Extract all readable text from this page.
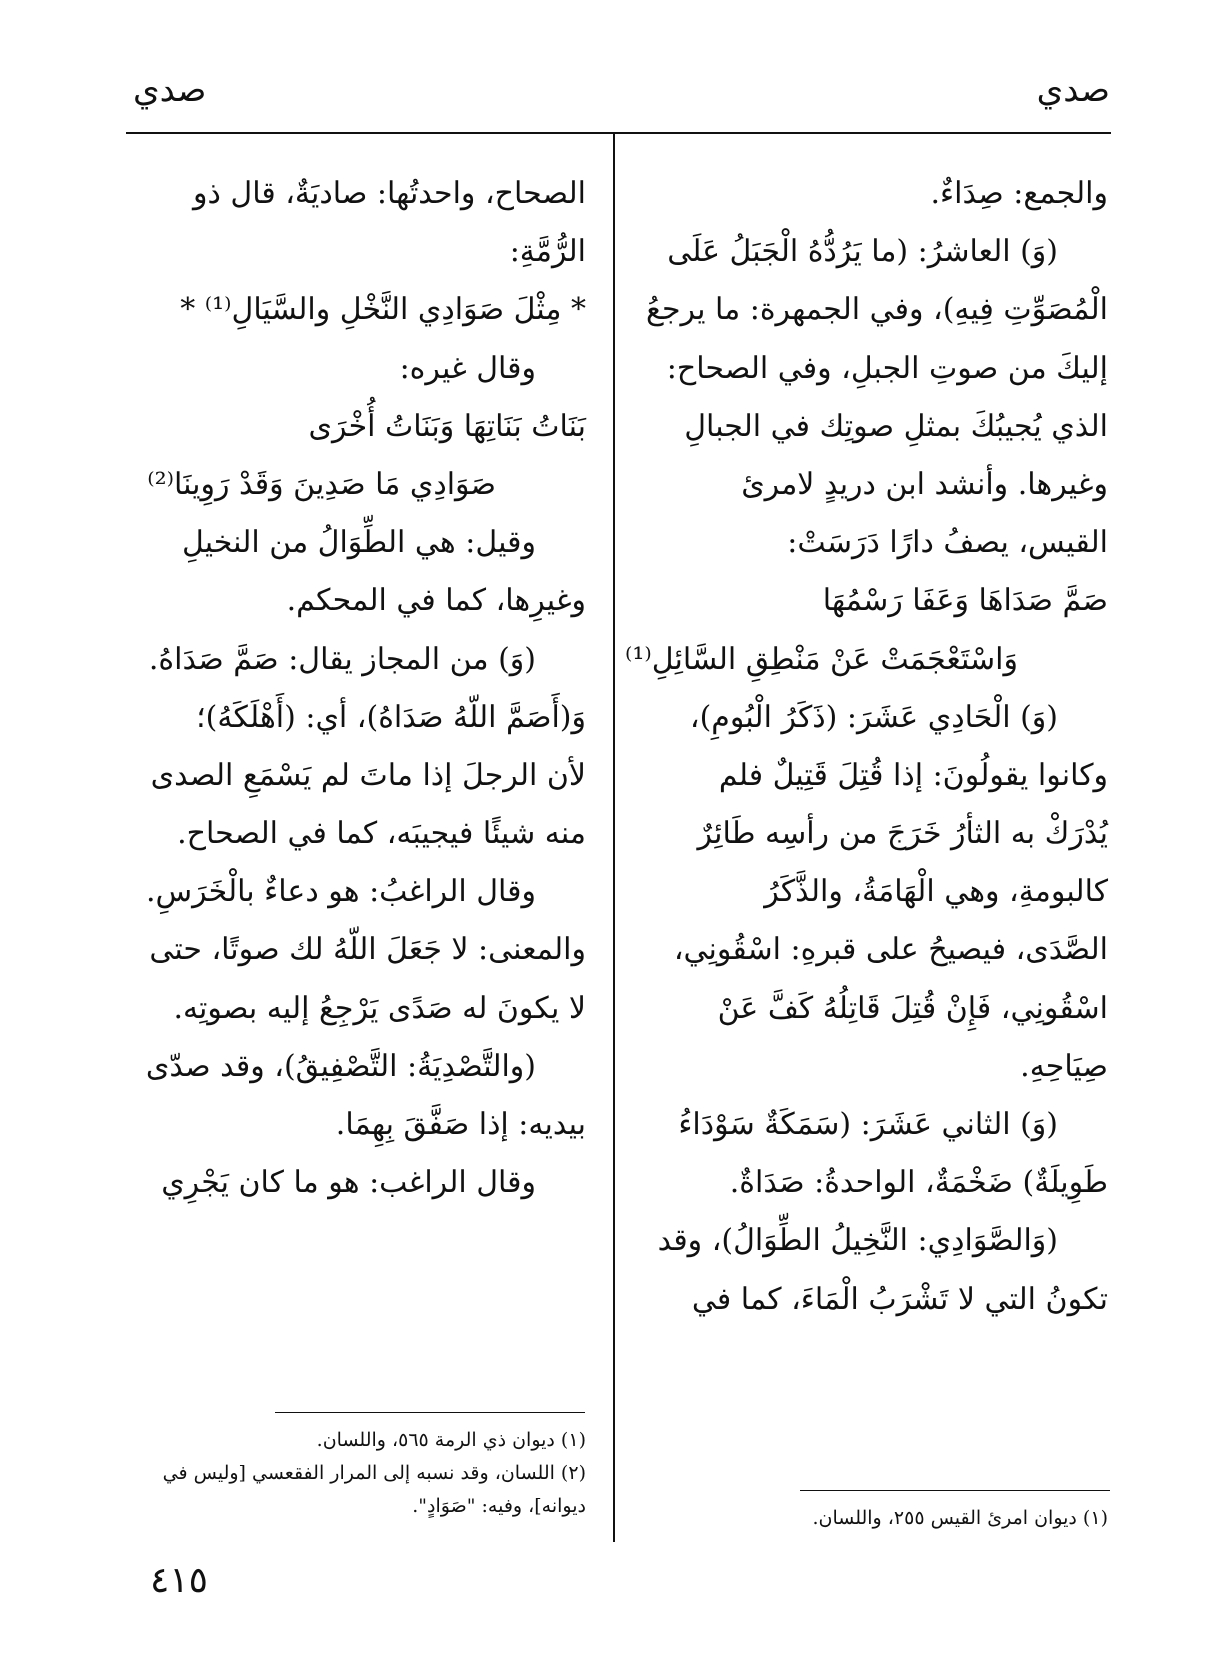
صدي
صدي
والجمع: صِدَاءٌ.
(وَ) العاشرُ: (ما يَرُدُّهُ الْجَبَلُ عَلَى
الْمُصَوِّتِ فِيهِ)، وفي الجمهرة: ما يرجعُ
إليكَ من صوتِ الجبلِ، وفي الصحاح:
الذي يُجيبُكَ بمثلِ صوتِك في الجبالِ
وغيرها. وأنشد ابن دريدٍ لامرئ
القيس، يصفُ دارًا دَرَسَتْ:
صَمَّ صَدَاهَا وَعَفَا رَسْمُهَا
وَاسْتَعْجَمَتْ عَنْ مَنْطِقِ السَّائِلِ⁽¹⁾
(وَ) الْحَادِي عَشَرَ: (ذَكَرُ الْبُومِ)،
وكانوا يقولُونَ: إذا قُتِلَ قَتِيلٌ فلم
يُدْرَكْ به الثأرُ خَرَجَ من رأسِه طَائِرٌ
كالبومةِ، وهي الْهَامَةُ، والذَّكَرُ
الصَّدَى، فيصيحُ على قبرهِ: اسْقُونِي،
اسْقُونِي، فَإِنْ قُتِلَ قَاتِلُهُ كَفَّ عَنْ
صِيَاحِهِ.
(وَ) الثاني عَشَرَ: (سَمَكَةٌ سَوْدَاءُ
طَوِيلَةٌ) ضَخْمَةٌ، الواحدةُ: صَدَاةٌ.
(وَالصَّوَادِي: النَّخِيلُ الطِّوَالُ)، وقد
تكونُ التي لا تَشْرَبُ الْمَاءَ، كما في
الصحاح، واحدتُها: صاديَةٌ، قال ذو
الرُّمَّةِ:
* مِثْلَ صَوَادِي النَّخْلِ والسَّيَالِ⁽¹⁾ *
وقال غيره:
بَنَاتُ بَنَاتِهَا وَبَنَاتُ أُخْرَى
صَوَادِي مَا صَدِينَ وَقَدْ رَوِينَا⁽²⁾
وقيل: هي الطِّوَالُ من النخيلِ
وغيرِها، كما في المحكم.
(وَ) من المجاز يقال: صَمَّ صَدَاهُ.
وَ(أَصَمَّ اللّهُ صَدَاهُ)، أي: (أَهْلَكَهُ)؛
لأن الرجلَ إذا ماتَ لم يَسْمَعِ الصدى
منه شيئًا فيجيبَه، كما في الصحاح.
وقال الراغبُ: هو دعاءٌ بالْخَرَسِ.
والمعنى: لا جَعَلَ اللّهُ لك صوتًا، حتى
لا يكونَ له صَدًى يَرْجِعُ إليه بصوتِه.
(والتَّصْدِيَةُ: التَّصْفِيقُ)، وقد صدّى
بيديه: إذا صَفَّقَ بِهِمَا.
وقال الراغب: هو ما كان يَجْرِي
(١) ديوان امرئ القيس ٢٥٥، واللسان.
(١) ديوان ذي الرمة ٥٦٥، واللسان.
(٢) اللسان، وقد نسبه إلى المرار الفقعسي [وليس في
ديوانه]، وفيه: "صَوَادٍ".
٤١٥
